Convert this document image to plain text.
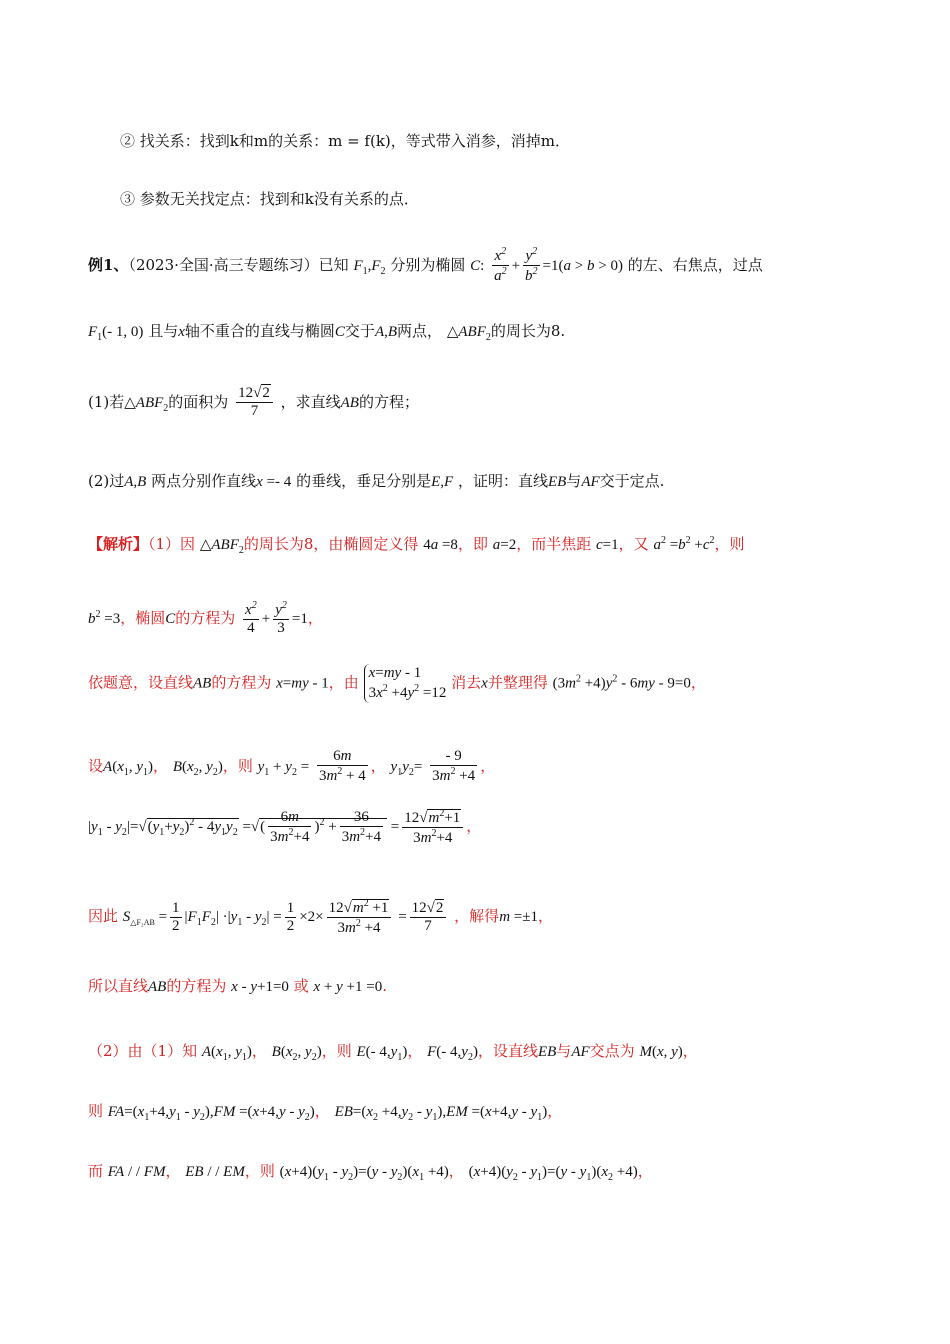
② 找关系：找到k和m的关系：m = f(k)，等式带入消参，消掉m．
③ 参数无关找定点：找到和k没有关系的点．
例1、（2023·全国·高三专题练习）已知 $F_1,F_2$ 分别为椭圆 C: $\frac{x^2}{a^2} + \frac{y^2}{b^2} =1(a > b > 0)$ 的左、右焦点，过点
$F_1(-$ 1, 0) 且与x轴不重合的直线与椭圆C交于A,B两点， $\triangle ABF_2$的周长为8.
(1)若$\triangle ABF_2$的面积为 $\frac{12√2}{7}$ ，求直线AB的方程；
(2)过A,B 两点分别作直线x =- 4 的垂线，垂足分别是E,F ，证明：直线EB与AF交于定点.
【解析】（1）因 $\triangle ABF_2$的周长为8，由椭圆定义得 4a =8，即 a=2，而半焦距 c=1，又 $a^2 =b^2 +c^2$，则
$b^2 =3$，椭圆C的方程为 $\frac{x^2}{4} + \frac{y^2}{3} =1$，
依题意，设直线AB的方程为 x=my - 1，由 x=my - 1
$3x^2 +4y^2 =12$ 消去x并整理得 $(3m^2 +4)y^2 - 6my - 9=0$，
设$A(x_1$, $y_1$)， $B(x_2$, $y_2$)，则 $y_1 + y_2 = \frac{6m}{3m^2 + 4}$ ， $y_1y_2= \frac{- 9}{3m^2 +4}$ ，
$|y_1 - y_2|=√(y_1+y_2)^2 - 4y_1y_2$ =√( $\frac{6m}{3m^2+4} )^2 + \frac{36}{3m^2+4} = \frac{12√m^2+1}{3m^2+4}$ ，
因此 $S_{\triangle F_2AB} = \frac{1}{2} |F_1F_2| \cdot|y_1 - y_2| = \frac{1}{2} \times 2\times \frac{12√m^2 +1}{3m^2 +4} = \frac{12√2}{7}$ ，解得m =±1，
所以直线AB的方程为 x - y+1=0 或 x + y +1 =0.
（2）由（1）知 $A(x_1$, $y_1$)， $B(x_2$, $y_2$)，则 E(- $4,y_1$)， F(- $4,y_2$)，设直线EB与AF交点为 M(x, y)，
则 $FA=(x_1+4,y_1 - y_2),FM =(x+4,y - y_2)$， $EB=(x_2 +4,y_2 - y_1),EM =(x+4,y - y_1)$，
而 FA / / FM， EB / / EM，则 $(x+4)(y_1 - y_2)=(y - y_2)(x_1 +4)$， $(x+4)(y_2 - y_1)=(y - y_1)(x_2 +4)$，
